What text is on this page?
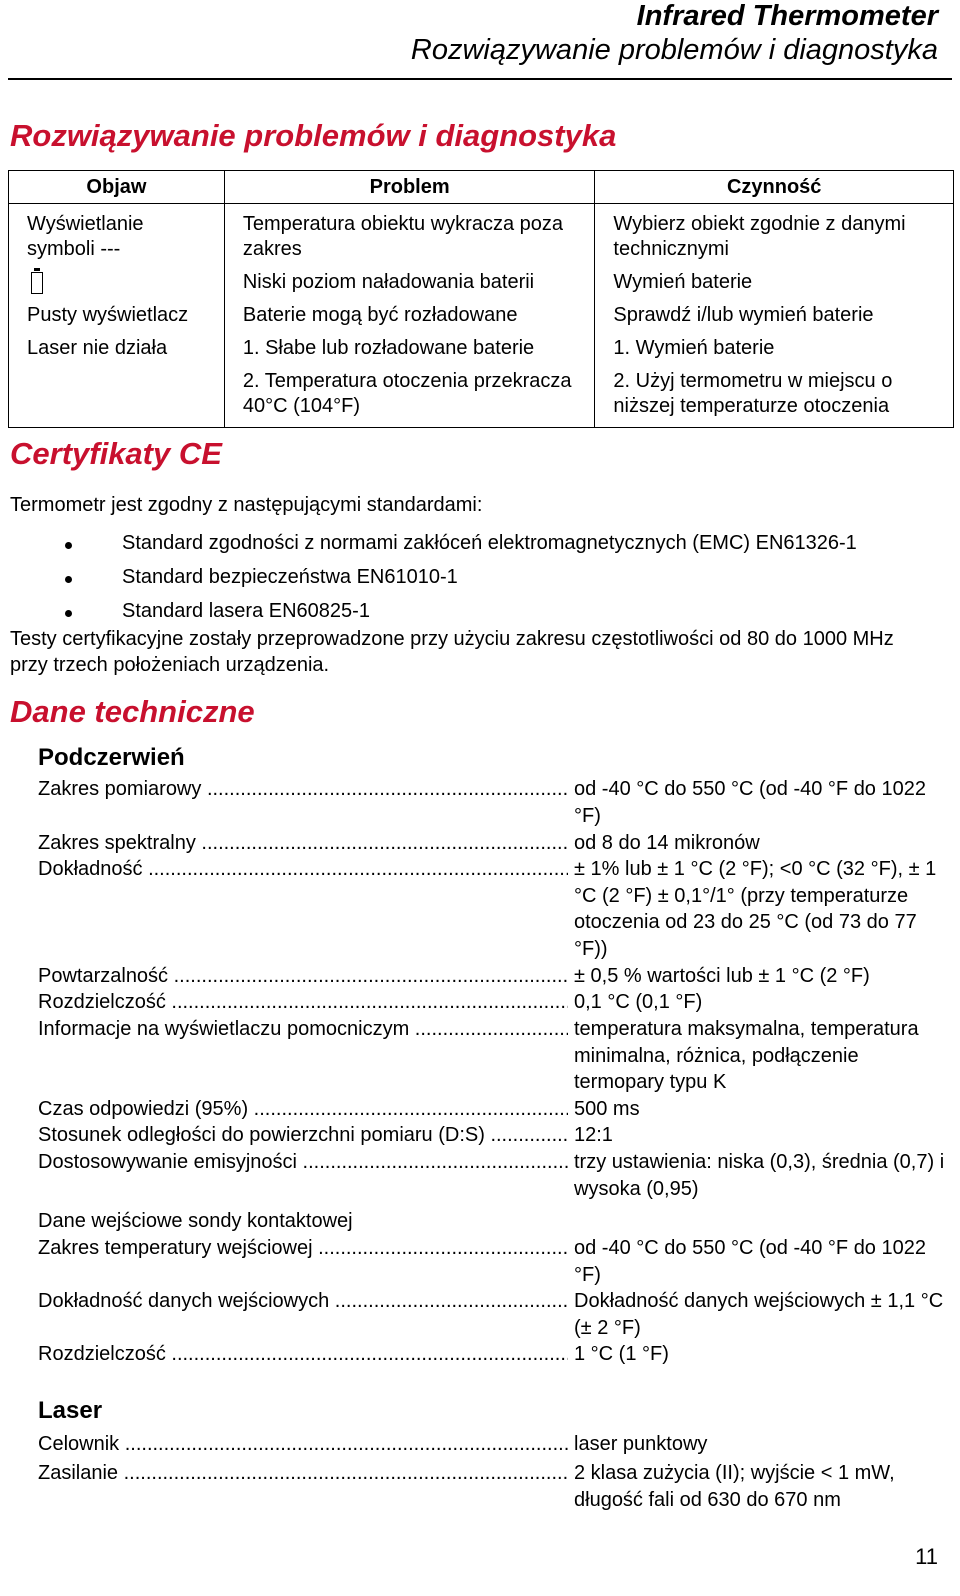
Infrared Thermometer
Rozwiązywanie problemów i diagnostyka
Rozwiązywanie problemów i diagnostyka
Objaw	Problem	Czynność
Wyświetlanie symboli ---	Temperatura obiektu wykracza poza zakres	Wybierz obiekt zgodnie z danymi technicznymi
	Niski poziom naładowania baterii	Wymień baterie
Pusty wyświetlacz	Baterie mogą być rozładowane	Sprawdź i/lub wymień baterie
Laser nie działa	1. Słabe lub rozładowane baterie	1. Wymień baterie
	2. Temperatura otoczenia przekracza 40°C (104°F)	2. Użyj termometru w miejscu o niższej temperaturze otoczenia
Certyfikaty CE
Termometr jest zgodny z następującymi standardami:
Standard zgodności z normami zakłóceń elektromagnetycznych (EMC) EN61326-1
Standard bezpieczeństwa EN61010-1
Standard lasera EN60825-1
Testy certyfikacyjne zostały przeprowadzone przy użyciu zakresu częstotliwości od 80 do 1000 MHz przy trzech położeniach urządzenia.
Dane techniczne
Podczerwień
Zakres pomiarowy .....	od -40 °C do 550 °C (od -40 °F do 1022 °F)
Zakres spektralny .....	od 8 do 14 mikronów
Dokładność .....	± 1% lub ± 1 °C (2 °F); <0 °C (32 °F), ± 1 °C (2 °F) ± 0,1°/1° (przy temperaturze otoczenia od 23 do 25 °C (od 73 do 77 °F))
Powtarzalność .....	± 0,5 % wartości lub ± 1 °C (2 °F)
Rozdzielczość .....	0,1 °C (0,1 °F)
Informacje na wyświetlaczu pomocniczym .....	temperatura maksymalna, temperatura minimalna, różnica, podłączenie termopary typu K
Czas odpowiedzi (95%) .....	500 ms
Stosunek odległości do powierzchni pomiaru (D:S) .....	12:1
Dostosowywanie emisyjności .....	trzy ustawienia: niska (0,3), średnia (0,7) i wysoka (0,95)
Dane wejściowe sondy kontaktowej
Zakres temperatury wejściowej .....	od -40 °C do 550 °C (od -40 °F do 1022 °F)
Dokładność danych wejściowych .....	Dokładność danych wejściowych ± 1,1 °C (± 2 °F)
Rozdzielczość .....	1 °C (1 °F)
Laser
Celownik .....	laser punktowy
Zasilanie .....	2 klasa zużycia (II); wyjście < 1 mW, długość fali od 630 do 670 nm
11
